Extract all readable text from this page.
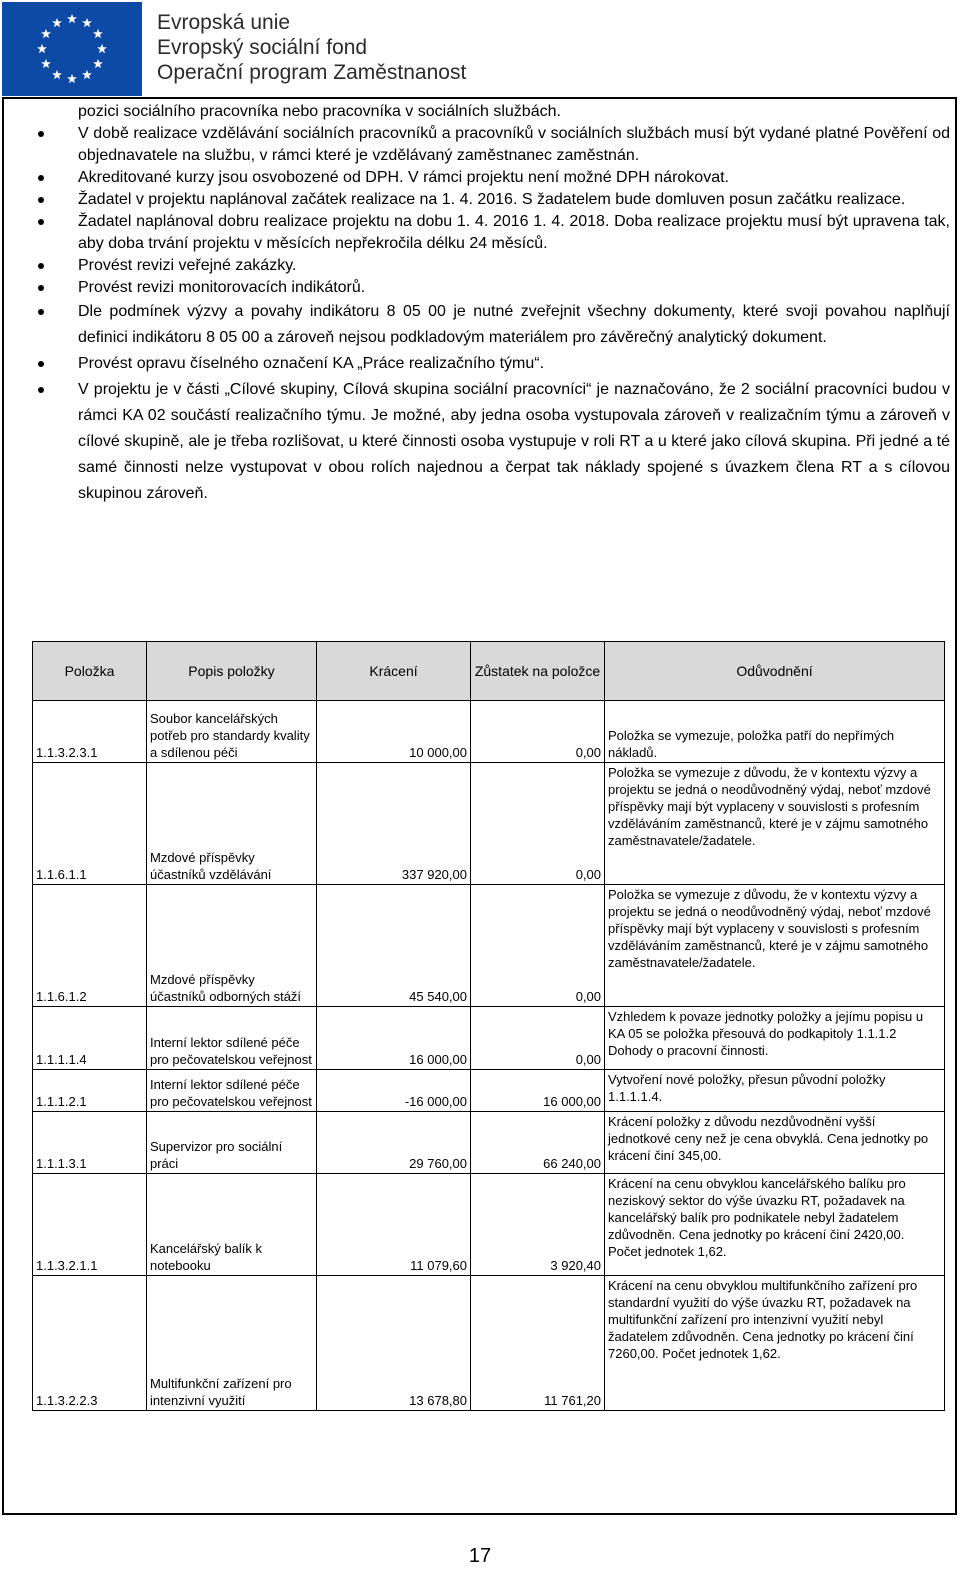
Evropská unie
Evropský sociální fond
Operační program Zaměstnanost
pozici sociálního pracovníka nebo pracovníka v sociálních službách.
V době realizace vzdělávání sociálních pracovníků a pracovníků v sociálních službách musí být vydané platné Pověření od objednavatele na službu, v rámci které je vzdělávaný zaměstnanec zaměstnán.
Akreditované kurzy jsou osvobozené od DPH. V rámci projektu není možné DPH nárokovat.
Žadatel v projektu naplánoval začátek realizace na 1. 4. 2016. S žadatelem bude domluven posun začátku realizace.
Žadatel naplánoval dobru realizace projektu na dobu 1. 4. 2016 1. 4. 2018. Doba realizace projektu musí být upravena tak, aby doba trvání projektu v měsících nepřekročila délku 24 měsíců.
Provést revizi veřejné zakázky.
Provést revizi monitorovacích indikátorů.
Dle podmínek výzvy a povahy indikátoru 8 05 00 je nutné zveřejnit všechny dokumenty, které svoji povahou naplňují definici indikátoru 8 05 00 a zároveň nejsou podkladovým materiálem pro závěrečný analytický dokument.
Provést opravu číselného označení KA „Práce realizačního týmu“.
V projektu je v části „Cílové skupiny, Cílová skupina sociální pracovníci“ je naznačováno, že 2 sociální pracovníci budou v rámci KA 02 součástí realizačního týmu. Je možné, aby jedna osoba vystupovala zároveň v realizačním týmu a zároveň v cílové skupině, ale je třeba rozlišovat, u které činnosti osoba vystupuje v roli RT a u které jako cílová skupina. Při jedné a té samé činnosti nelze vystupovat v obou rolích najednou a čerpat tak náklady spojené s úvazkem člena RT a s cílovou skupinou zároveň.
Položka	Popis položky	Krácení	Zůstatek na položce	Odůvodnění
1.1.3.2.3.1	Soubor kancelářských potřeb pro standardy kvality a sdílenou péči	10 000,00	0,00	Položka se vymezuje, položka patří do nepřímých nákladů.
1.1.6.1.1	Mzdové příspěvky účastníků vzdělávání	337 920,00	0,00	Položka se vymezuje z důvodu, že v kontextu výzvy a projektu se jedná o neodůvodněný výdaj, neboť mzdové příspěvky mají být vyplaceny v souvislosti s profesním vzděláváním zaměstnanců, které je v zájmu samotného zaměstnavatele/žadatele.
1.1.6.1.2	Mzdové příspěvky účastníků odborných stáží	45 540,00	0,00	Položka se vymezuje z důvodu, že v kontextu výzvy a projektu se jedná o neodůvodněný výdaj, neboť mzdové příspěvky mají být vyplaceny v souvislosti s profesním vzděláváním zaměstnanců, které je v zájmu samotného zaměstnavatele/žadatele.
1.1.1.1.4	Interní lektor sdílené péče pro pečovatelskou veřejnost	16 000,00	0,00	Vzhledem k povaze jednotky položky a jejímu popisu u KA 05 se položka přesouvá do podkapitoly 1.1.1.2 Dohody o pracovní činnosti.
1.1.1.2.1	Interní lektor sdílené péče pro pečovatelskou veřejnost	-16 000,00	16 000,00	Vytvoření nové položky, přesun původní položky 1.1.1.1.4.
1.1.1.3.1	Supervizor pro sociální práci	29 760,00	66 240,00	Krácení položky z důvodu nezdůvodnění vyšší jednotkové ceny než je cena obvyklá. Cena jednotky po krácení činí 345,00.
1.1.3.2.1.1	Kancelářský balík k notebooku	11 079,60	3 920,40	Krácení na cenu obvyklou kancelářského balíku pro neziskový sektor do výše úvazku RT, požadavek na kancelářský balík pro podnikatele nebyl žadatelem zdůvodněn. Cena jednotky po krácení činí 2420,00. Počet jednotek 1,62.
1.1.3.2.2.3	Multifunkční zařízení pro intenzivní využití	13 678,80	11 761,20	Krácení na cenu obvyklou multifunkčního zařízení pro standardní využití do výše úvazku RT, požadavek na multifunkční zařízení pro intenzivní využití nebyl žadatelem zdůvodněn. Cena jednotky po krácení činí 7260,00. Počet jednotek 1,62.
17
